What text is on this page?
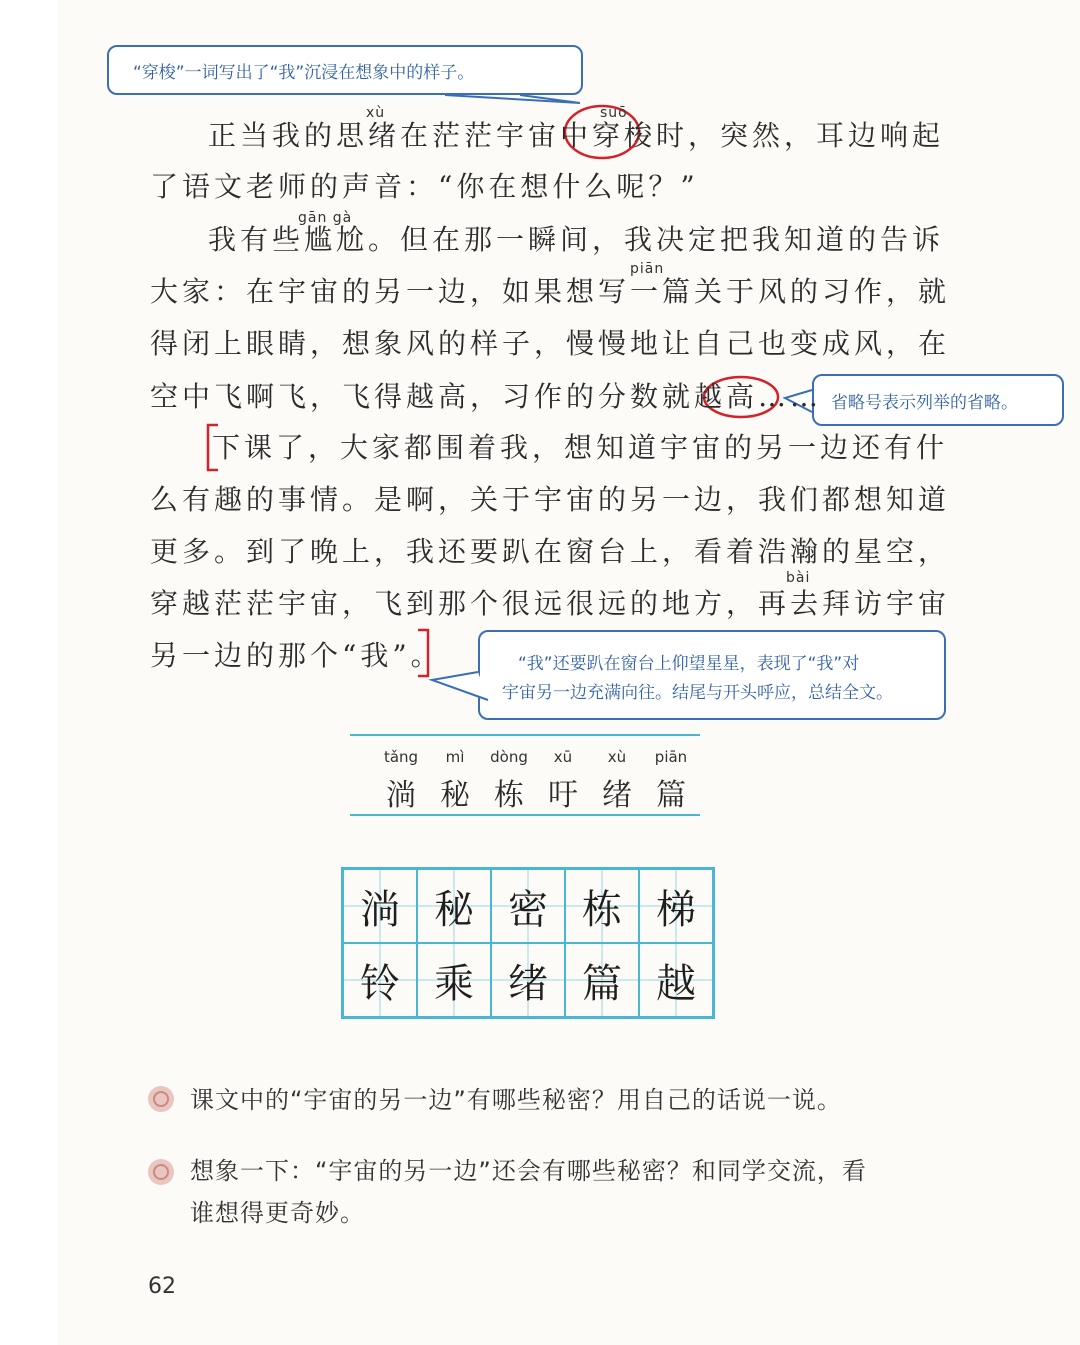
“穿梭”一词写出了“我”沉浸在想象中的样子。
省略号表示列举的省略。
“我”还要趴在窗台上仰望星星，表现了“我”对
宇宙另一边充满向往。结尾与开头呼应，总结全文。
xù	suō
gān gà
piān
bài
正当我的思绪在茫茫宇宙中穿梭时，突然，耳边响起
了语文老师的声音：“你在想什么呢？”
我有些尴尬。但在那一瞬间，我决定把我知道的告诉
大家：在宇宙的另一边，如果想写一篇关于风的习作，就
得闭上眼睛，想象风的样子，慢慢地让自己也变成风，在
空中飞啊飞，飞得越高，习作的分数就越高……
下课了，大家都围着我，想知道宇宙的另一边还有什
么有趣的事情。是啊，关于宇宙的另一边，我们都想知道
更多。到了晚上，我还要趴在窗台上，看着浩瀚的星空，
穿越茫茫宇宙，飞到那个很远很远的地方，再去拜访宇宙
另一边的那个“我”。
tǎng
淌
mì
秘
dòng
栋
xū
吁
xù
绪
piān
篇
淌 秘 密 栋 梯
铃 乘 绪 篇 越
课文中的“宇宙的另一边”有哪些秘密？用自己的话说一说。
想象一下：“宇宙的另一边”还会有哪些秘密？和同学交流，看
谁想得更奇妙。
62
